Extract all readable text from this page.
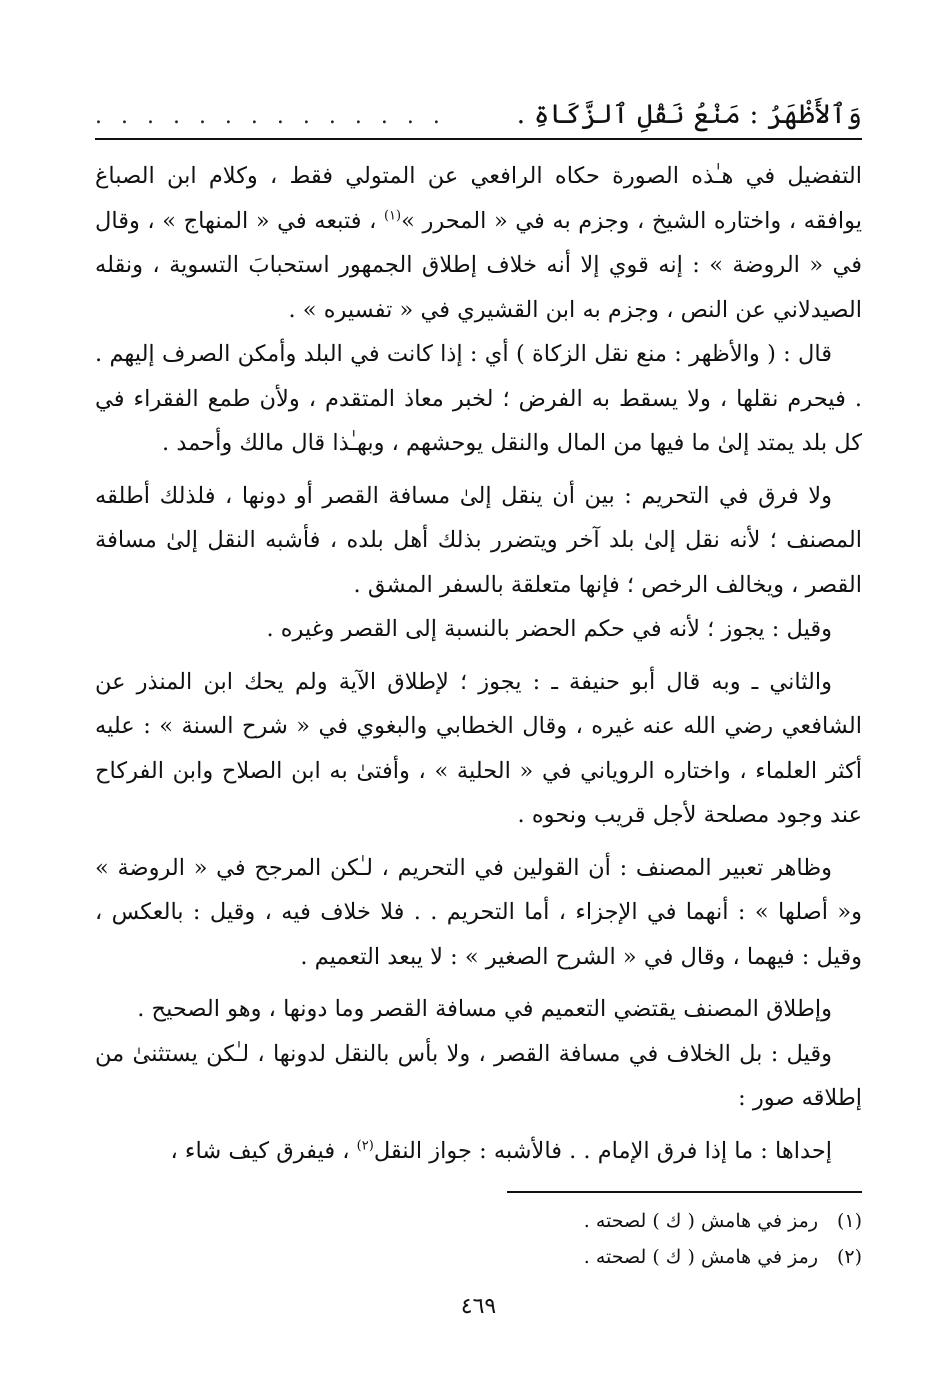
وَٱلأَظْهَرُ : مَنْعُ نَقْلِ ٱلزَّكَاةِ .
. . . . . . . . . . . . . .

التفضيل في هـٰذه الصورة حكاه الرافعي عن المتولي فقط ، وكلام ابن الصباغ يوافقه ، واختاره الشيخ ، وجزم به في « المحرر »$^{(١)}$ ، فتبعه في « المنهاج » ، وقال في « الروضة » : إنه قوي إلا أنه خلاف إطلاق الجمهور استحبابَ التسوية ، ونقله الصيدلاني عن النص ، وجزم به ابن القشيري في « تفسيره » .

قال : ( والأظهر : منع نقل الزكاة ) أي : إذا كانت في البلد وأمكن الصرف إليهم . . فيحرم نقلها ، ولا يسقط به الفرض ؛ لخبر معاذ المتقدم ، ولأن طمع الفقراء في كل بلد يمتد إلىٰ ما فيها من المال والنقل يوحشهم ، وبهـٰذا قال مالك وأحمد .

ولا فرق في التحريم : بين أن ينقل إلىٰ مسافة القصر أو دونها ، فلذلك أطلقه المصنف ؛ لأنه نقل إلىٰ بلد آخر ويتضرر بذلك أهل بلده ، فأشبه النقل إلىٰ مسافة القصر ، ويخالف الرخص ؛ فإنها متعلقة بالسفر المشق .

وقيل : يجوز ؛ لأنه في حكم الحضر بالنسبة إلى القصر وغيره .

والثاني ـ وبه قال أبو حنيفة ـ : يجوز ؛ لإطلاق الآية ولم يحك ابن المنذر عن الشافعي رضي الله عنه غيره ، وقال الخطابي والبغوي في « شرح السنة » : عليه أكثر العلماء ، واختاره الروياني في « الحلية » ، وأفتىٰ به ابن الصلاح وابن الفركاح عند وجود مصلحة لأجل قريب ونحوه .

وظاهر تعبير المصنف : أن القولين في التحريم ، لـٰكن المرجح في « الروضة » و« أصلها » : أنهما في الإجزاء ، أما التحريم . . فلا خلاف فيه ، وقيل : بالعكس ، وقيل : فيهما ، وقال في « الشرح الصغير » : لا يبعد التعميم .

وإطلاق المصنف يقتضي التعميم في مسافة القصر وما دونها ، وهو الصحيح .

وقيل : بل الخلاف في مسافة القصر ، ولا بأس بالنقل لدونها ، لـٰكن يستثنىٰ من إطلاقه صور :

إحداها : ما إذا فرق الإمام . . فالأشبه : جواز النقل$^{(٢)}$ ، فيفرق كيف شاء ،

(١)رمز في هامش ( ك ) لصحته .

(٢)رمز في هامش ( ك ) لصحته .

٤٦٩
